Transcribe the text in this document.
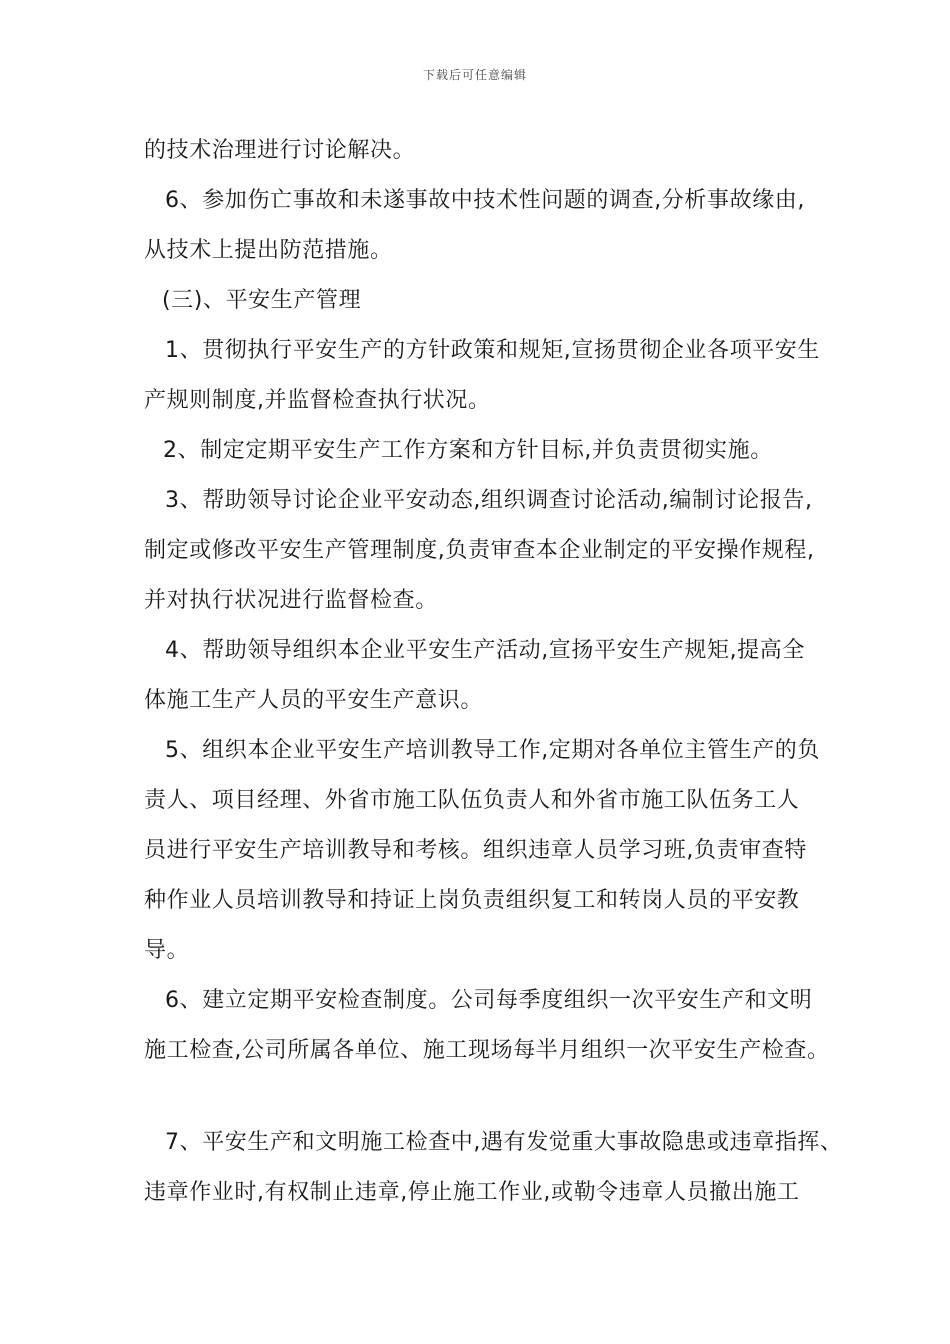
下载后可任意编辑
的技术治理进行讨论解决。
6、参加伤亡事故和未遂事故中技术性问题的调查,分析事故缘由,
从技术上提出防范措施。
(三)、平安生产管理
1、贯彻执行平安生产的方针政策和规矩,宣扬贯彻企业各项平安生
产规则制度,并监督检查执行状况。
2、制定定期平安生产工作方案和方针目标,并负责贯彻实施。
3、帮助领导讨论企业平安动态,组织调查讨论活动,编制讨论报告,
制定或修改平安生产管理制度,负责审查本企业制定的平安操作规程,
并对执行状况进行监督检查。
4、帮助领导组织本企业平安生产活动,宣扬平安生产规矩,提高全
体施工生产人员的平安生产意识。
5、组织本企业平安生产培训教导工作,定期对各单位主管生产的负
责人、项目经理、外省市施工队伍负责人和外省市施工队伍务工人
员进行平安生产培训教导和考核。组织违章人员学习班,负责审查特
种作业人员培训教导和持证上岗负责组织复工和转岗人员的平安教
导。
6、建立定期平安检查制度。公司每季度组织一次平安生产和文明
施工检查,公司所属各单位、施工现场每半月组织一次平安生产检查。
7、平安生产和文明施工检查中,遇有发觉重大事故隐患或违章指挥、
违章作业时,有权制止违章,停止施工作业,或勒令违章人员撤出施工
